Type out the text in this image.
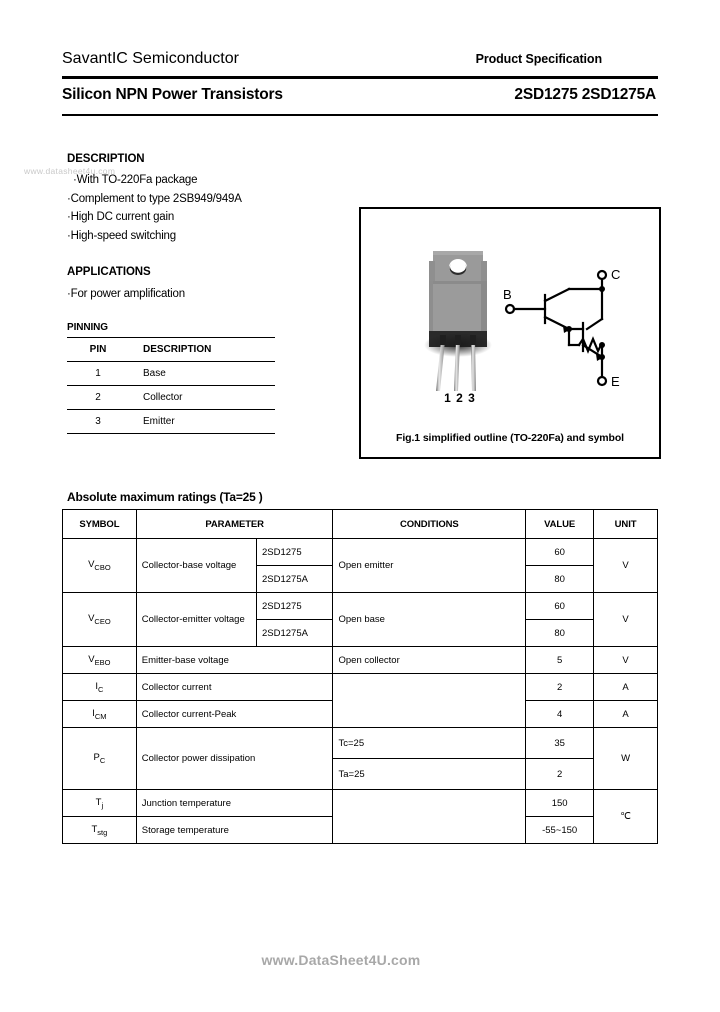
SavantIC Semiconductor	Product Specification
Silicon NPN Power Transistors	2SD1275 2SD1275A
www.datasheet4u.com
DESCRIPTION
·With TO-220Fa package
·Complement to type 2SB949/949A
·High DC current gain
·High-speed switching
APPLICATIONS
·For power amplification
PINNING
PIN	DESCRIPTION
1	Base
2	Collector
3	Emitter
1 2 3
B
C
E
Fig.1 simplified outline (TO-220Fa) and symbol
Absolute maximum ratings (Ta=25 )
SYMBOL	PARAMETER		CONDITIONS	VALUE	UNIT
$V_{CBO}$	Collector-base voltage	2SD1275	Open emitter	60	V
		2SD1275A		80	
$V_{CEO}$	Collector-emitter voltage	2SD1275	Open base	60	V
		2SD1275A		80	
$V_{EBO}$	Emitter-base voltage		Open collector	5	V
$I_C$	Collector current			2	A
$I_{CM}$	Collector current-Peak			4	A
$P_C$	Collector power dissipation		Tc=25	35	W
			Ta=25	2	
$T_j$	Junction temperature			150	℃
$T_{stg}$	Storage temperature			-55~150	
www.DataSheet4U.com
